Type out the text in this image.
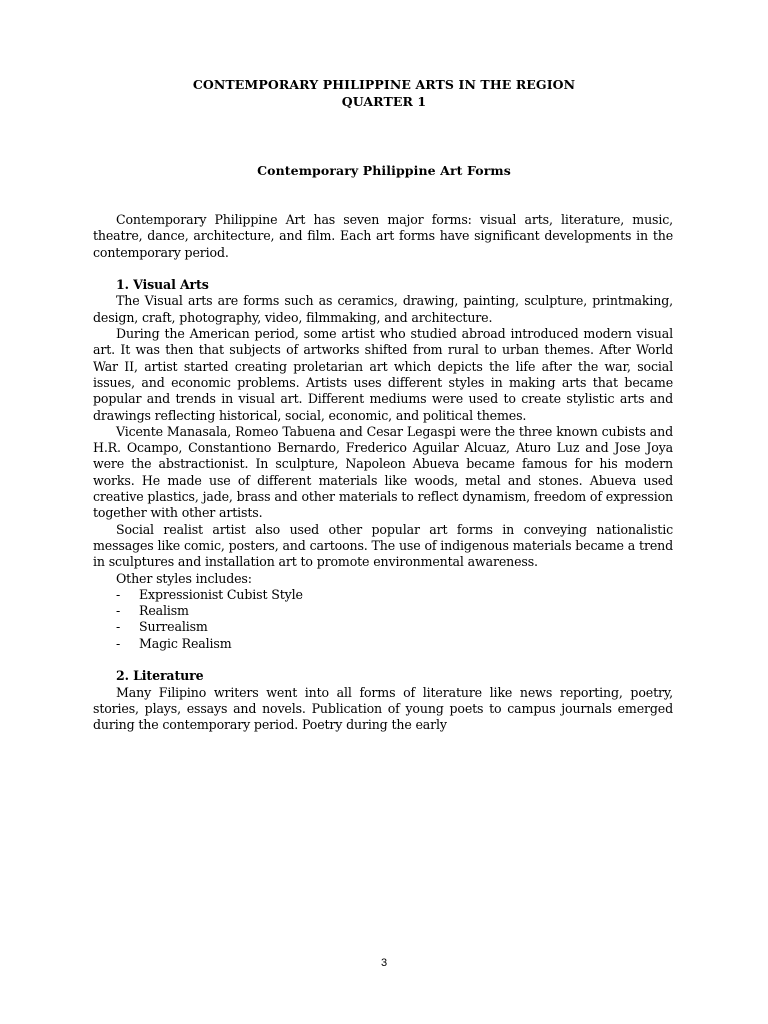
CONTEMPORARY PHILIPPINE ARTS IN THE REGION
QUARTER 1
Contemporary Philippine Art Forms

Contemporary Philippine Art has seven major forms: visual arts, literature, music, theatre, dance, architecture, and film. Each art forms have significant developments in the contemporary period.

1. Visual Arts

The Visual arts are forms such as ceramics, drawing, painting, sculpture, printmaking, design, craft, photography, video, filmmaking, and architecture.

During the American period, some artist who studied abroad introduced modern visual art. It was then that subjects of artworks shifted from rural to urban themes. After World War II, artist started creating proletarian art which depicts the life after the war, social issues, and economic problems. Artists uses different styles in making arts that became popular and trends in visual art. Different mediums were used to create stylistic arts and drawings reflecting historical, social, economic, and political themes.

Vicente Manasala, Romeo Tabuena and Cesar Legaspi were the three known cubists and H.R. Ocampo, Constantiono Bernardo, Frederico Aguilar Alcuaz, Aturo Luz and Jose Joya were the abstractionist. In sculpture, Napoleon Abueva became famous for his modern works. He made use of different materials like woods, metal and stones. Abueva used creative plastics, jade, brass and other materials to reflect dynamism, freedom of expression together with other artists.

Social realist artist also used other popular art forms in conveying nationalistic messages like comic, posters, and cartoons. The use of indigenous materials became a trend in sculptures and installation art to promote environmental awareness.

Other styles includes:

- Expressionist Cubist Style
- Realism
- Surrealism
- Magic Realism

2. Literature

Many Filipino writers went into all forms of literature like news reporting, poetry, stories, plays, essays and novels. Publication of young poets to campus journals emerged during the contemporary period. Poetry during the early

3
